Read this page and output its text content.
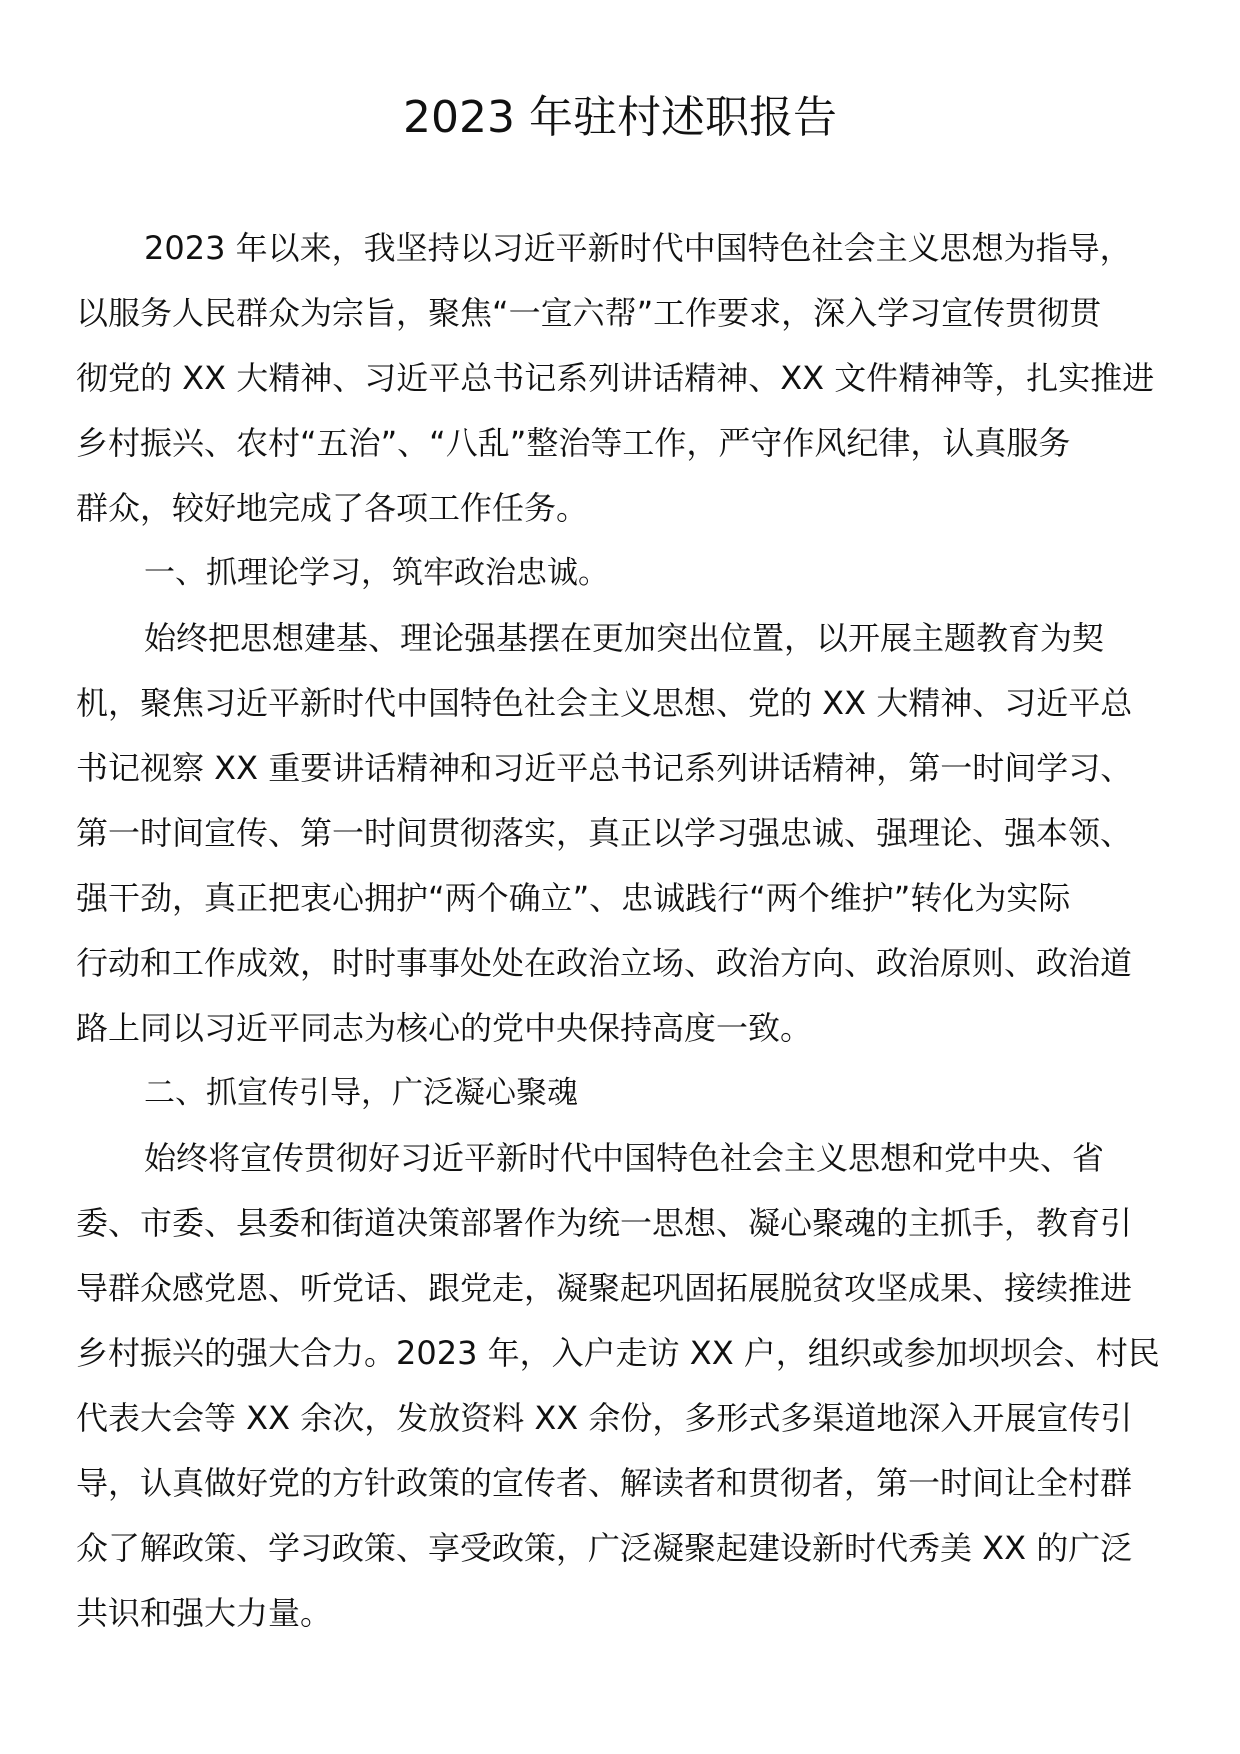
2023 年驻村述职报告
2023 年以来，我坚持以习近平新时代中国特色社会主义思想为指导，
以服务人民群众为宗旨，聚焦“一宣六帮”工作要求，深入学习宣传贯彻贯
彻党的 XX 大精神、习近平总书记系列讲话精神、XX 文件精神等，扎实推进
乡村振兴、农村“五治”、“八乱”整治等工作，严守作风纪律，认真服务
群众，较好地完成了各项工作任务。
一、抓理论学习，筑牢政治忠诚。
始终把思想建基、理论强基摆在更加突出位置，以开展主题教育为契
机，聚焦习近平新时代中国特色社会主义思想、党的 XX 大精神、习近平总
书记视察 XX 重要讲话精神和习近平总书记系列讲话精神，第一时间学习、
第一时间宣传、第一时间贯彻落实，真正以学习强忠诚、强理论、强本领、
强干劲，真正把衷心拥护“两个确立”、忠诚践行“两个维护”转化为实际
行动和工作成效，时时事事处处在政治立场、政治方向、政治原则、政治道
路上同以习近平同志为核心的党中央保持高度一致。
二、抓宣传引导，广泛凝心聚魂
始终将宣传贯彻好习近平新时代中国特色社会主义思想和党中央、省
委、市委、县委和街道决策部署作为统一思想、凝心聚魂的主抓手，教育引
导群众感党恩、听党话、跟党走，凝聚起巩固拓展脱贫攻坚成果、接续推进
乡村振兴的强大合力。2023 年，入户走访 XX 户，组织或参加坝坝会、村民
代表大会等 XX 余次，发放资料 XX 余份，多形式多渠道地深入开展宣传引
导，认真做好党的方针政策的宣传者、解读者和贯彻者，第一时间让全村群
众了解政策、学习政策、享受政策，广泛凝聚起建设新时代秀美 XX 的广泛
共识和强大力量。
